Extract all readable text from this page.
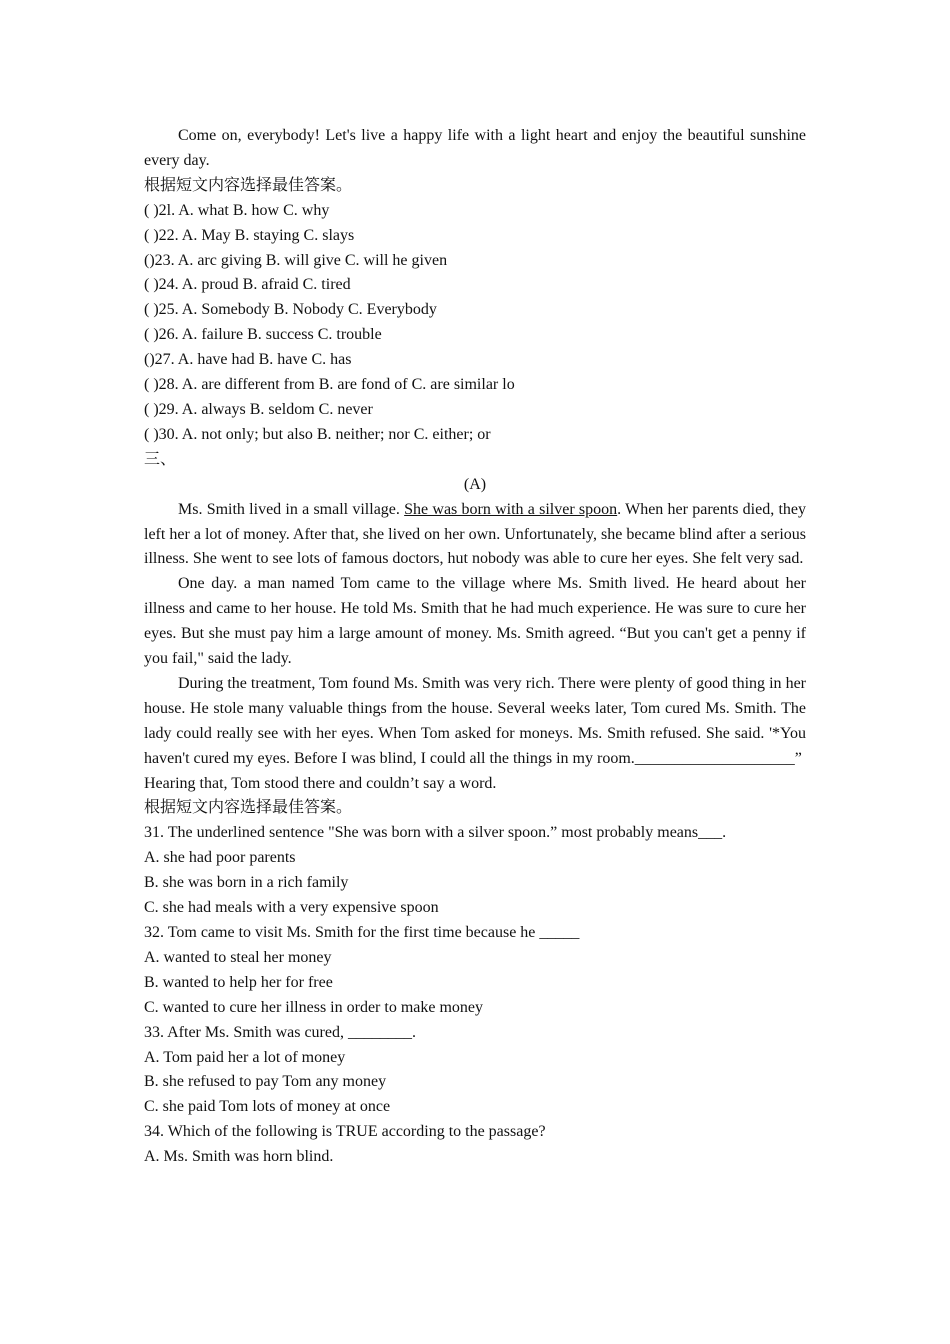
Come on, everybody! Let's live a happy life with a light heart and enjoy the beautiful sunshine every day.

根据短文内容选择最佳答案。

( )2l. A. what B. how C. why

( )22. A. May B. staying C. slays

()23. A. arc giving B. will give C. will he given

( )24. A. proud B. afraid C. tired

( )25. A. Somebody B. Nobody C. Everybody

( )26. A. failure B. success C. trouble

()27. A. have had B. have C. has

( )28. A. are different from B. are fond of C. are similar lo

( )29. A. always B. seldom C. never

( )30. A. not only; but also B. neither; nor C. either; or

三、

(A)

Ms. Smith lived in a small village. She was born with a silver spoon. When her parents died, they left her a lot of money. After that, she lived on her own. Unfortunately, she became blind after a serious illness. She went to see lots of famous doctors, hut nobody was able to cure her eyes. She felt very sad.

One day. a man named Tom came to the village where Ms. Smith lived. He heard about her illness and came to her house. He told Ms. Smith that he had much experience. He was sure to cure her eyes. But she must pay him a large amount of money. Ms. Smith agreed. “But you can't get a penny if you fail," said the lady.

During the treatment, Tom found Ms. Smith was very rich. There were plenty of good thing in her house. He stole many valuable things from the house. Several weeks later, Tom cured Ms. Smith. The lady could really see with her eyes. When Tom asked for moneys. Ms. Smith refused. She said. '*You haven't cured my eyes. Before I was blind, I could all the things in my room.____________________”

Hearing that, Tom stood there and couldn’t say a word.

根据短文内容选择最佳答案。

31. The underlined sentence "She was born with a silver spoon.” most probably means___.

A. she had poor parents

B. she was born in a rich family

C. she had meals with a very expensive spoon

32. Tom came to visit Ms. Smith for the first time because he _____

A. wanted to steal her money

B. wanted to help her for free

C. wanted to cure her illness in order to make money

33. After Ms. Smith was cured, ________.

A. Tom paid her a lot of money

B. she refused to pay Tom any money

C. she paid Tom lots of money at once

34. Which of the following is TRUE according to the passage?

A. Ms. Smith was horn blind.
